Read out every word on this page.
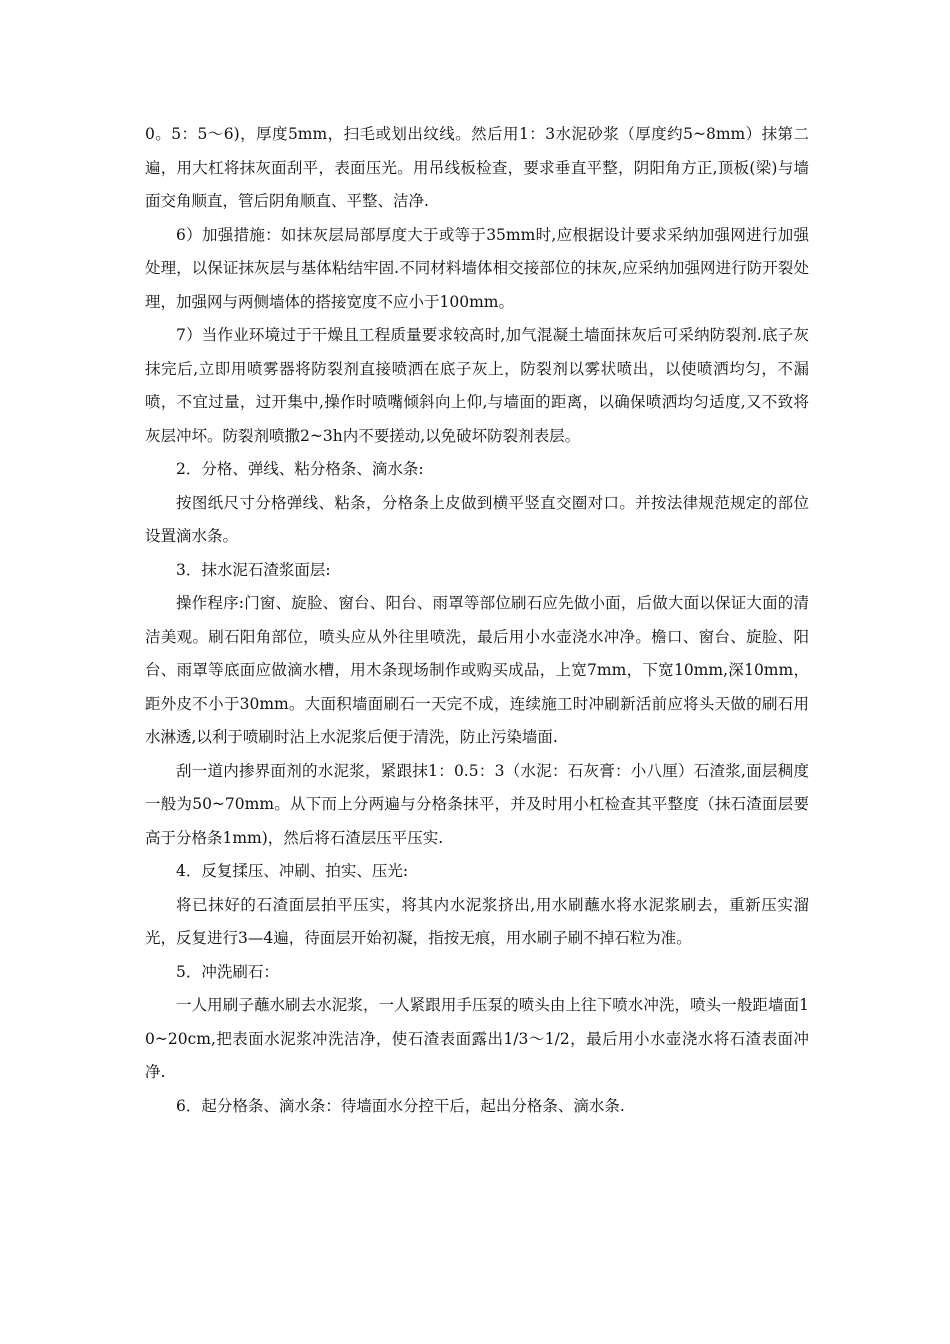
0。5：5～6)，厚度5mm，扫毛或划出纹线。然后用1：3水泥砂浆（厚度约5~8mm）抹第二遍，用大杠将抹灰面刮平，表面压光。用吊线板检查，要求垂直平整，阴阳角方正,顶板(梁)与墙面交角顺直，管后阴角顺直、平整、洁净.

6）加强措施：如抹灰层局部厚度大于或等于35mm时,应根据设计要求采纳加强网进行加强处理，以保证抹灰层与基体粘结牢固.不同材料墙体相交接部位的抹灰,应采纳加强网进行防开裂处理，加强网与两侧墙体的搭接宽度不应小于100mm。

7）当作业环境过于干燥且工程质量要求较高时,加气混凝土墙面抹灰后可采纳防裂剂.底子灰抹完后,立即用喷雾器将防裂剂直接喷洒在底子灰上，防裂剂以雾状喷出，以使喷洒均匀，不漏喷，不宜过量，过开集中,操作时喷嘴倾斜向上仰,与墙面的距离，以确保喷洒均匀适度,又不致将灰层冲坏。防裂剂喷撒2~3h内不要搓动,以免破坏防裂剂表层。

2．分格、弹线、粘分格条、滴水条:

按图纸尺寸分格弹线、粘条，分格条上皮做到横平竖直交圈对口。并按法律规范规定的部位设置滴水条。

3．抹水泥石渣浆面层:

操作程序:门窗、旋脸、窗台、阳台、雨罩等部位刷石应先做小面，后做大面以保证大面的清洁美观。刷石阳角部位，喷头应从外往里喷洗，最后用小水壶浇水冲净。檐口、窗台、旋脸、阳台、雨罩等底面应做滴水槽，用木条现场制作或购买成品，上宽7mm，下宽10mm,深10mm，距外皮不小于30mm。大面积墙面刷石一天完不成，连续施工时冲刷新活前应将头天做的刷石用水淋透,以利于喷刷时沾上水泥浆后便于清洗，防止污染墙面.

刮一道内掺界面剂的水泥浆，紧跟抹1：0.5：3（水泥：石灰膏：小八厘）石渣浆,面层稠度一般为50~70mm。从下而上分两遍与分格条抹平，并及时用小杠检查其平整度（抹石渣面层要高于分格条1mm)，然后将石渣层压平压实.

4．反复揉压、冲刷、拍实、压光:

将已抹好的石渣面层拍平压实，将其内水泥浆挤出,用水刷蘸水将水泥浆刷去，重新压实溜光，反复进行3—4遍，待面层开始初凝，指按无痕，用水刷子刷不掉石粒为准。

5．冲洗刷石：

一人用刷子蘸水刷去水泥浆，一人紧跟用手压泵的喷头由上往下喷水冲洗，喷头一般距墙面10~20cm,把表面水泥浆冲洗洁净，使石渣表面露出1/3～1/2，最后用小水壶浇水将石渣表面冲净.

6．起分格条、滴水条：待墙面水分控干后，起出分格条、滴水条.
